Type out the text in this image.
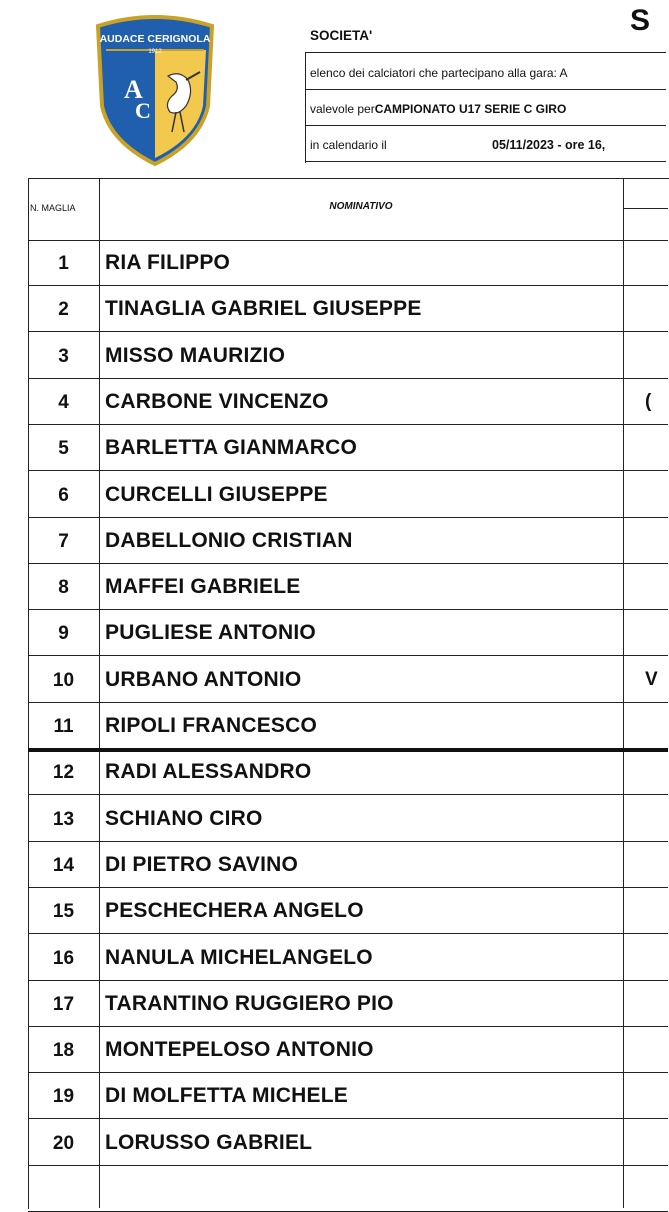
AUDACE CERIGNOLA
1912
A
C
S
SOCIETA'
elenco dei calciatori che partecipano alla gara: A
valevole per CAMPIONATO U17 SERIE C GIRO
in calendario il	05/11/2023 - ore 16,
N. MAGLIA	NOMINATIVO
1	RIA FILIPPO
2	TINAGLIA GABRIEL GIUSEPPE
3	MISSO MAURIZIO
4	CARBONE VINCENZO	(
5	BARLETTA GIANMARCO
6	CURCELLI GIUSEPPE
7	DABELLONIO CRISTIAN
8	MAFFEI GABRIELE
9	PUGLIESE ANTONIO
10	URBANO ANTONIO	V
11	RIPOLI FRANCESCO
12	RADI ALESSANDRO
13	SCHIANO CIRO
14	DI PIETRO SAVINO
15	PESCHECHERA ANGELO
16	NANULA MICHELANGELO
17	TARANTINO RUGGIERO PIO
18	MONTEPELOSO ANTONIO
19	DI MOLFETTA MICHELE
20	LORUSSO GABRIEL
